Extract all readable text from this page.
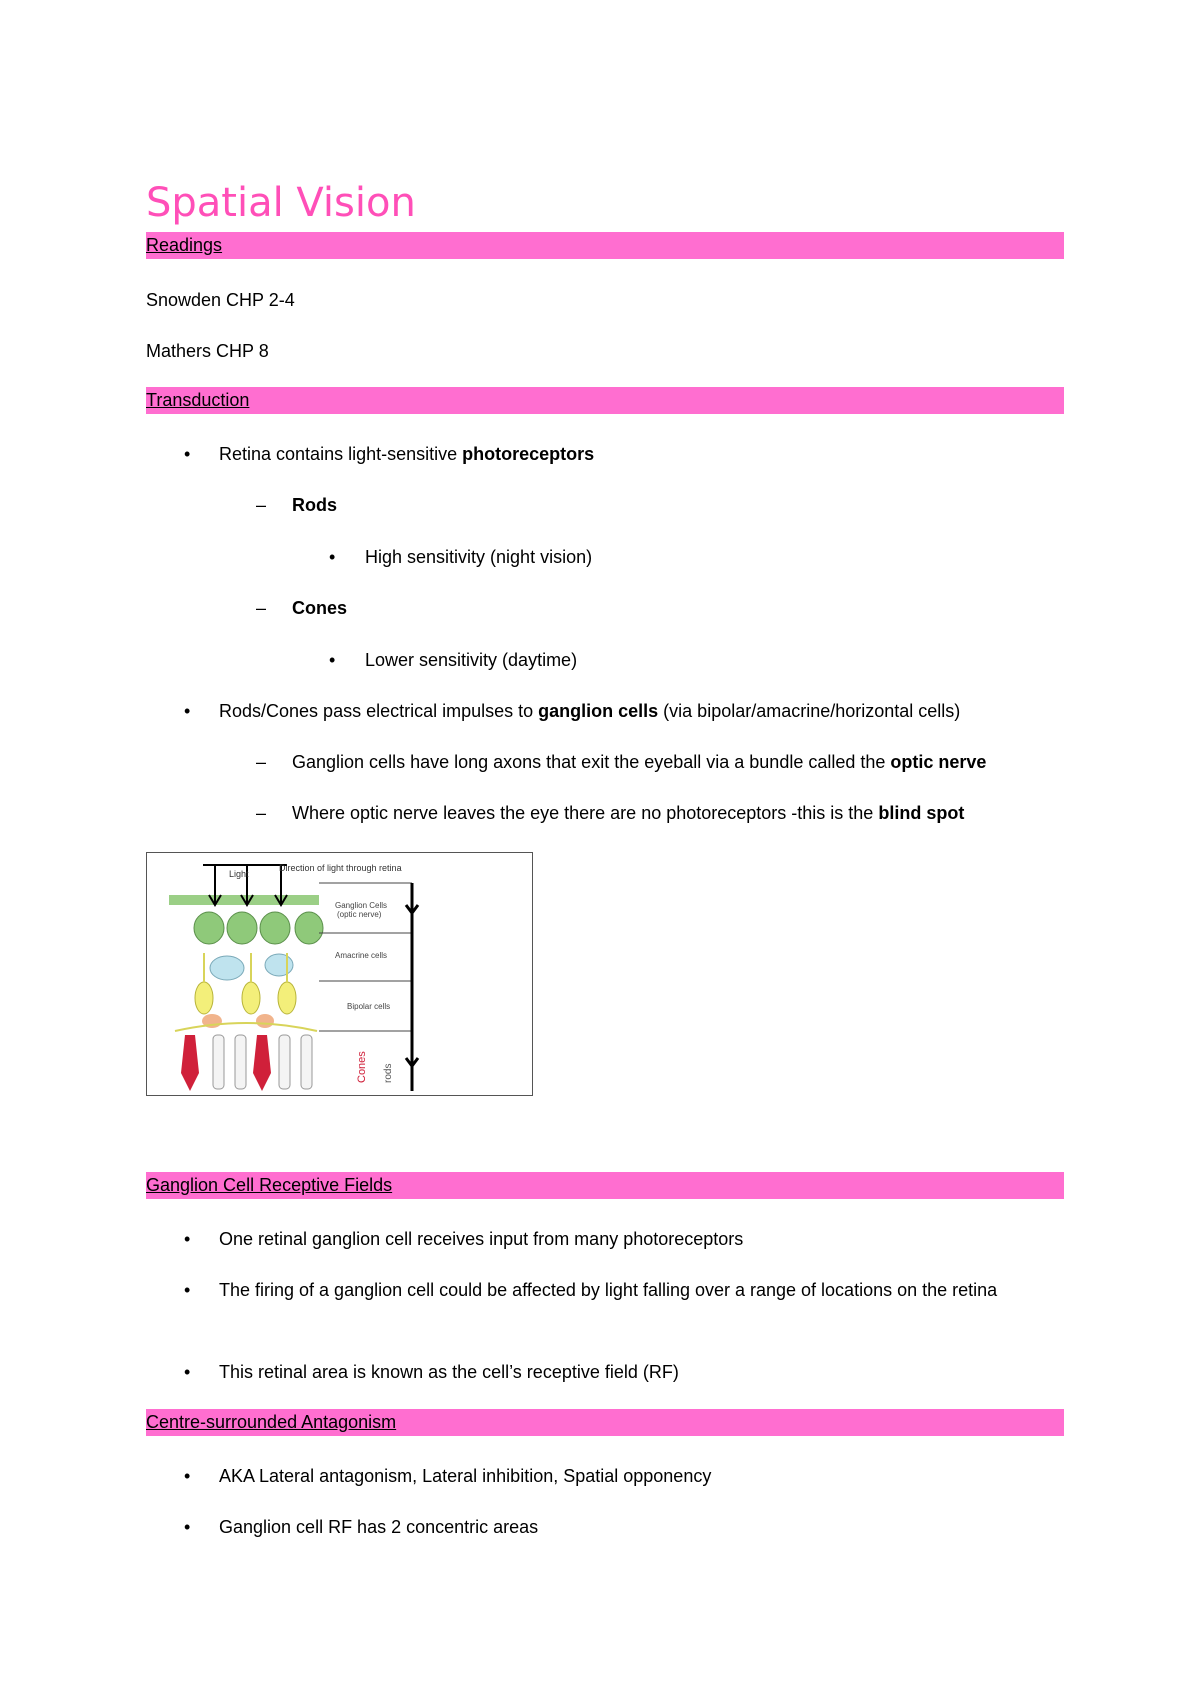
Spatial Vision
Readings
Snowden CHP 2-4
Mathers CHP 8
Transduction
• Retina contains light-sensitive photoreceptors
– Rods
• High sensitivity (night vision)
– Cones
• Lower sensitivity (daytime)
• Rods/Cones pass electrical impulses to ganglion cells (via bipolar/amacrine/horizontal cells)
– Ganglion cells have long axons that exit the eyeball via a bundle called the optic nerve
– Where optic nerve leaves the eye there are no photoreceptors -this is the blind spot
Light
Direction of light through retina
Ganglion Cells
(optic nerve)
Amacrine cells
Bipolar cells
Cones rods
Ganglion Cell Receptive Fields
• One retinal ganglion cell receives input from many photoreceptors
• The firing of a ganglion cell could be affected by light falling over a range of locations on the retina
• This retinal area is known as the cell’s receptive field (RF)
Centre-surrounded Antagonism
• AKA Lateral antagonism, Lateral inhibition, Spatial opponency
• Ganglion cell RF has 2 concentric areas
